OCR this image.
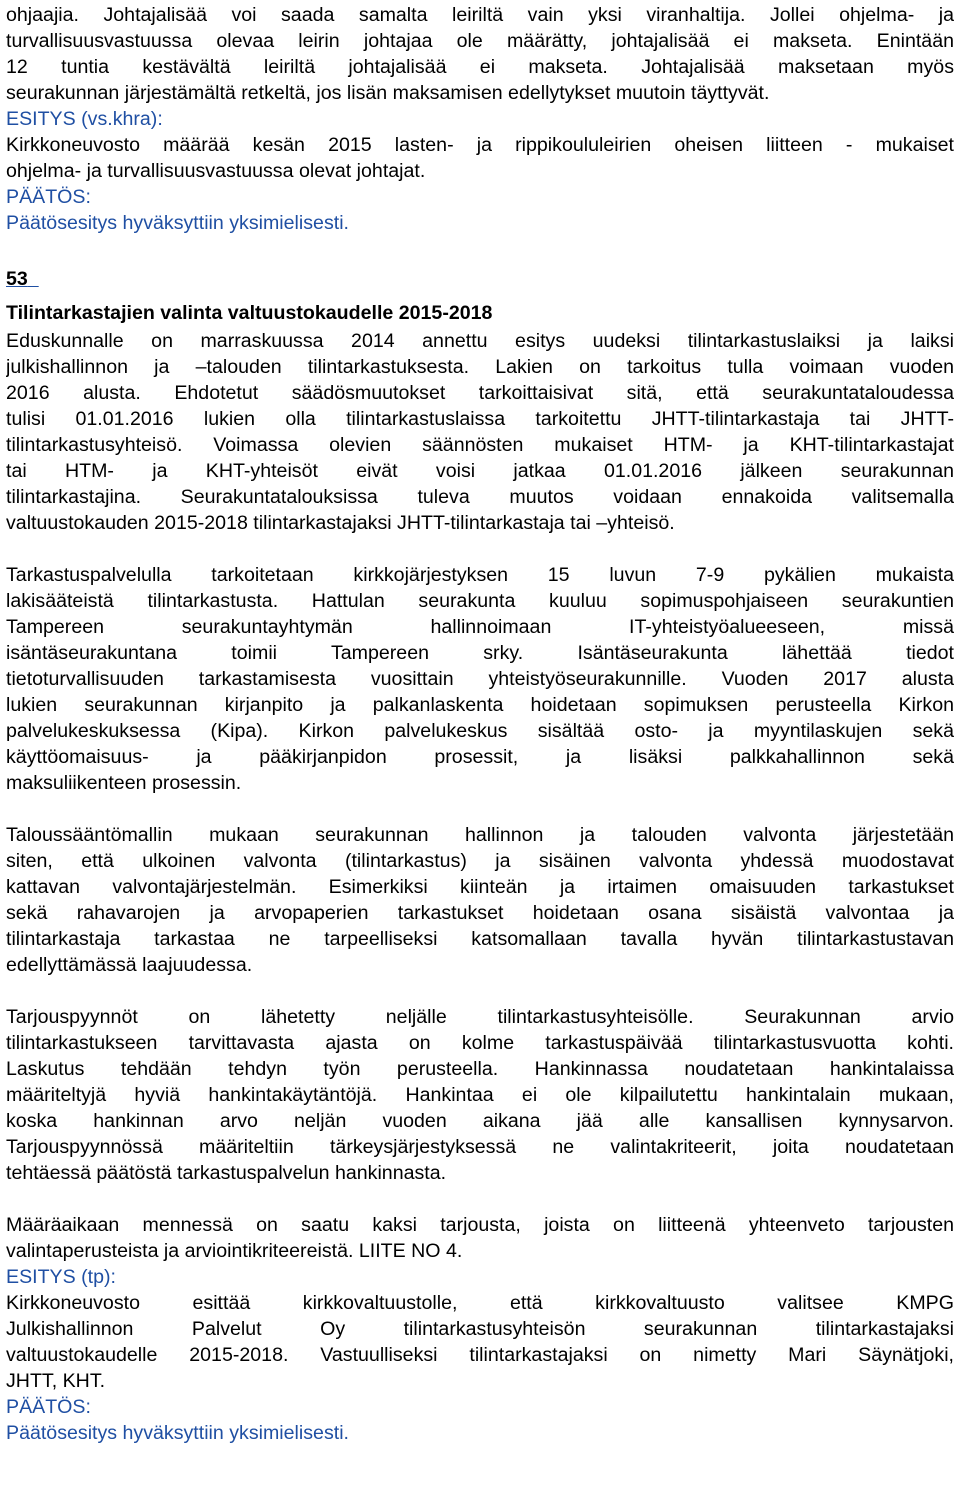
ohjaajia. Johtajalisää voi saada samalta leiriltä vain yksi viranhaltija. Jollei ohjelma- ja
turvallisuusvastuussa olevaa leirin johtajaa ole määrätty, johtajalisää ei makseta. Enintään
12 tuntia kestävältä leiriltä johtajalisää ei makseta. Johtajalisää maksetaan myös
seurakunnan järjestämältä retkeltä, jos lisän maksamisen edellytykset muutoin täyttyvät.
ESITYS (vs.khra):
Kirkkoneuvosto määrää kesän 2015 lasten- ja rippikoululeirien oheisen liitteen - mukaiset
ohjelma- ja turvallisuusvastuussa olevat johtajat.
PÄÄTÖS:
Päätösesitys hyväksyttiin yksimielisesti.
53
Tilintarkastajien valinta valtuustokaudelle 2015-2018
Eduskunnalle on marraskuussa 2014 annettu esitys uudeksi tilintarkastuslaiksi ja laiksi
julkishallinnon ja –talouden tilintarkastuksesta. Lakien on tarkoitus tulla voimaan vuoden
2016 alusta. Ehdotetut säädösmuutokset tarkoittaisivat sitä, että seurakuntataloudessa
tulisi 01.01.2016 lukien olla tilintarkastuslaissa tarkoitettu JHTT-tilintarkastaja tai JHTT-
tilintarkastusyhteisö. Voimassa olevien säännösten mukaiset HTM- ja KHT-tilintarkastajat
tai HTM- ja KHT-yhteisöt eivät voisi jatkaa 01.01.2016 jälkeen seurakunnan
tilintarkastajina. Seurakuntatalouksissa tuleva muutos voidaan ennakoida valitsemalla
valtuustokauden 2015-2018 tilintarkastajaksi JHTT-tilintarkastaja tai –yhteisö.
Tarkastuspalvelulla tarkoitetaan kirkkojärjestyksen 15 luvun 7-9 pykälien mukaista
lakisääteistä tilintarkastusta. Hattulan seurakunta kuuluu sopimuspohjaiseen seurakuntien
Tampereen seurakuntayhtymän hallinnoimaan IT-yhteistyöalueeseen, missä
isäntäseurakuntana toimii Tampereen srky. Isäntäseurakunta lähettää tiedot
tietoturvallisuuden tarkastamisesta vuosittain yhteistyöseurakunnille. Vuoden 2017 alusta
lukien seurakunnan kirjanpito ja palkanlaskenta hoidetaan sopimuksen perusteella Kirkon
palvelukeskuksessa (Kipa). Kirkon palvelukeskus sisältää osto- ja myyntilaskujen sekä
käyttöomaisuus- ja pääkirjanpidon prosessit, ja lisäksi palkkahallinnon sekä
maksuliikenteen prosessin.
Taloussääntömallin mukaan seurakunnan hallinnon ja talouden valvonta järjestetään
siten, että ulkoinen valvonta (tilintarkastus) ja sisäinen valvonta yhdessä muodostavat
kattavan valvontajärjestelmän. Esimerkiksi kiinteän ja irtaimen omaisuuden tarkastukset
sekä rahavarojen ja arvopaperien tarkastukset hoidetaan osana sisäistä valvontaa ja
tilintarkastaja tarkastaa ne tarpeelliseksi katsomallaan tavalla hyvän tilintarkastustavan
edellyttämässä laajuudessa.
Tarjouspyynnöt on lähetetty neljälle tilintarkastusyhteisölle. Seurakunnan arvio
tilintarkastukseen tarvittavasta ajasta on kolme tarkastuspäivää tilintarkastusvuotta kohti.
Laskutus tehdään tehdyn työn perusteella. Hankinnassa noudatetaan hankintalaissa
määriteltyjä hyviä hankintakäytäntöjä. Hankintaa ei ole kilpailutettu hankintalain mukaan,
koska hankinnan arvo neljän vuoden aikana jää alle kansallisen kynnysarvon.
Tarjouspyynnössä määriteltiin tärkeysjärjestyksessä ne valintakriteerit, joita noudatetaan
tehtäessä päätöstä tarkastuspalvelun hankinnasta.
Määräaikaan mennessä on saatu kaksi tarjousta, joista on liitteenä yhteenveto tarjousten
valintaperusteista ja arviointikriteereistä. LIITE NO 4.
ESITYS (tp):
Kirkkoneuvosto esittää kirkkovaltuustolle, että kirkkovaltuusto valitsee KMPG
Julkishallinnon Palvelut Oy tilintarkastusyhteisön seurakunnan tilintarkastajaksi
valtuustokaudelle 2015-2018. Vastuulliseksi tilintarkastajaksi on nimetty Mari Säynätjoki,
JHTT, KHT.
PÄÄTÖS:
Päätösesitys hyväksyttiin yksimielisesti.
